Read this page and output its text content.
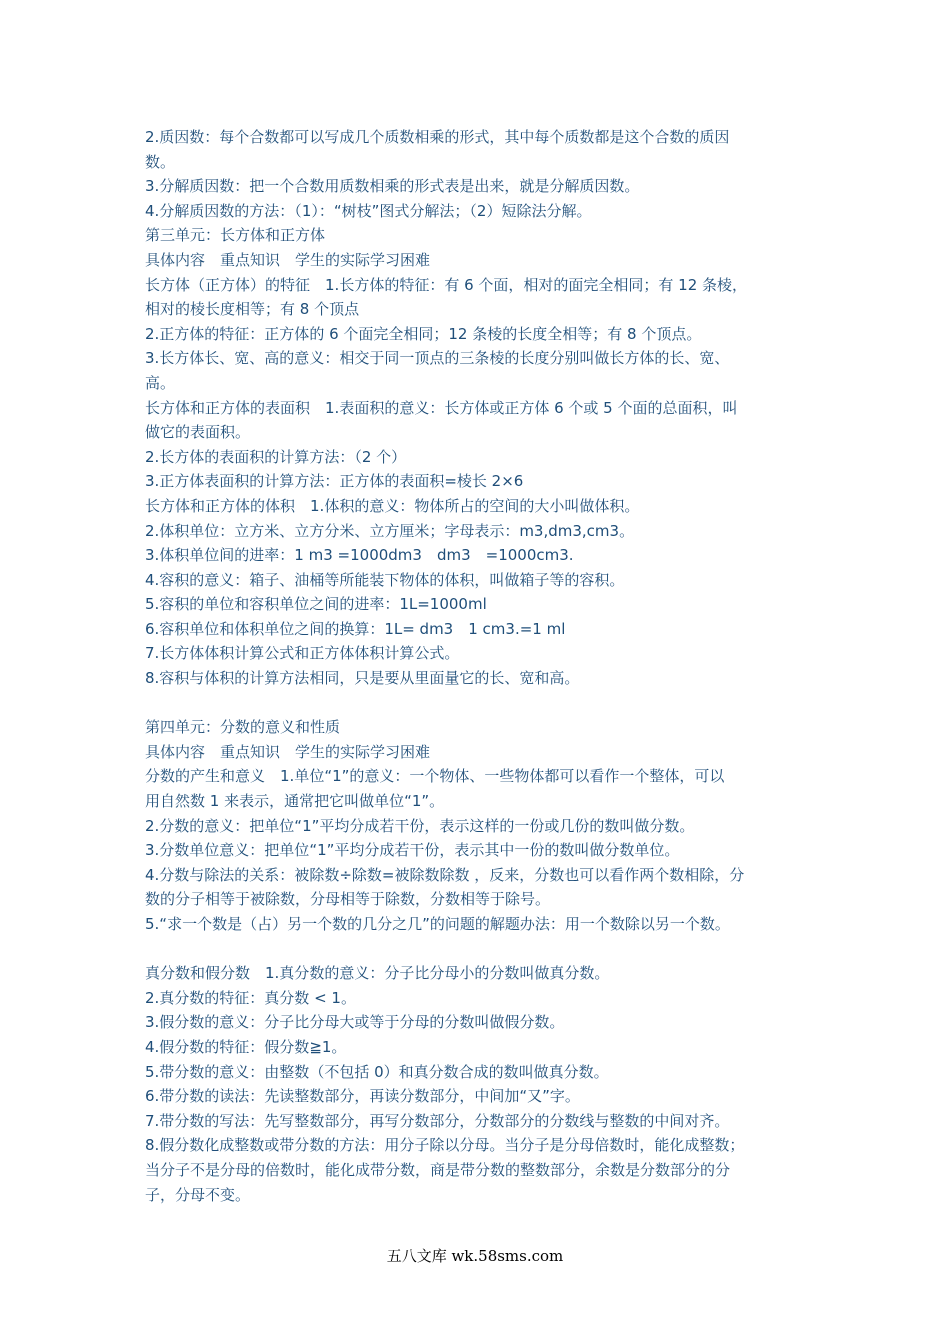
2.质因数：每个合数都可以写成几个质数相乘的形式，其中每个质数都是这个合数的质因
数。
3.分解质因数：把一个合数用质数相乘的形式表是出来，就是分解质因数。
4.分解质因数的方法：（1）：“树枝”图式分解法；（2）短除法分解。
第三单元：长方体和正方体
具体内容　重点知识　学生的实际学习困难
长方体（正方体）的特征　1.长方体的特征：有 6 个面，相对的面完全相同；有 12 条棱，
相对的棱长度相等；有 8 个顶点
2.正方体的特征：正方体的 6 个面完全相同；12 条棱的长度全相等；有 8 个顶点。
3.长方体长、宽、高的意义：相交于同一顶点的三条棱的长度分别叫做长方体的长、宽、
高。
长方体和正方体的表面积　1.表面积的意义：长方体或正方体 6 个或 5 个面的总面积，叫
做它的表面积。
2.长方体的表面积的计算方法：（2 个）
3.正方体表面积的计算方法：正方体的表面积=棱长 2×6
长方体和正方体的体积　1.体积的意义：物体所占的空间的大小叫做体积。
2.体积单位：立方米、立方分米、立方厘米；字母表示：m3,dm3,cm3。
3.体积单位间的进率：1 m3 =1000dm3　dm3　=1000cm3.
4.容积的意义：箱子、油桶等所能装下物体的体积，叫做箱子等的容积。
5.容积的单位和容积单位之间的进率：1L=1000ml
6.容积单位和体积单位之间的换算：1L= dm3　1 cm3.=1 ml
7.长方体体积计算公式和正方体体积计算公式。
8.容积与体积的计算方法相同，只是要从里面量它的长、宽和高。
第四单元：分数的意义和性质
具体内容　重点知识　学生的实际学习困难
分数的产生和意义　1.单位“1”的意义：一个物体、一些物体都可以看作一个整体，可以
用自然数 1 来表示，通常把它叫做单位“1”。
2.分数的意义：把单位“1”平均分成若干份，表示这样的一份或几份的数叫做分数。
3.分数单位意义：把单位“1”平均分成若干份，表示其中一份的数叫做分数单位。
4.分数与除法的关系：被除数÷除数=被除数除数 ，反来，分数也可以看作两个数相除，分
数的分子相等于被除数，分母相等于除数，分数相等于除号。
5.“求一个数是（占）另一个数的几分之几”的问题的解题办法：用一个数除以另一个数。
真分数和假分数　1.真分数的意义：分子比分母小的分数叫做真分数。
2.真分数的特征：真分数 < 1。
3.假分数的意义：分子比分母大或等于分母的分数叫做假分数。
4.假分数的特征：假分数≧1。
5.带分数的意义：由整数（不包括 0）和真分数合成的数叫做真分数。
6.带分数的读法：先读整数部分，再读分数部分，中间加“又”字。
7.带分数的写法：先写整数部分，再写分数部分，分数部分的分数线与整数的中间对齐。
8.假分数化成整数或带分数的方法：用分子除以分母。当分子是分母倍数时，能化成整数；
当分子不是分母的倍数时，能化成带分数，商是带分数的整数部分，余数是分数部分的分
子，分母不变。
五八文库 wk.58sms.com
